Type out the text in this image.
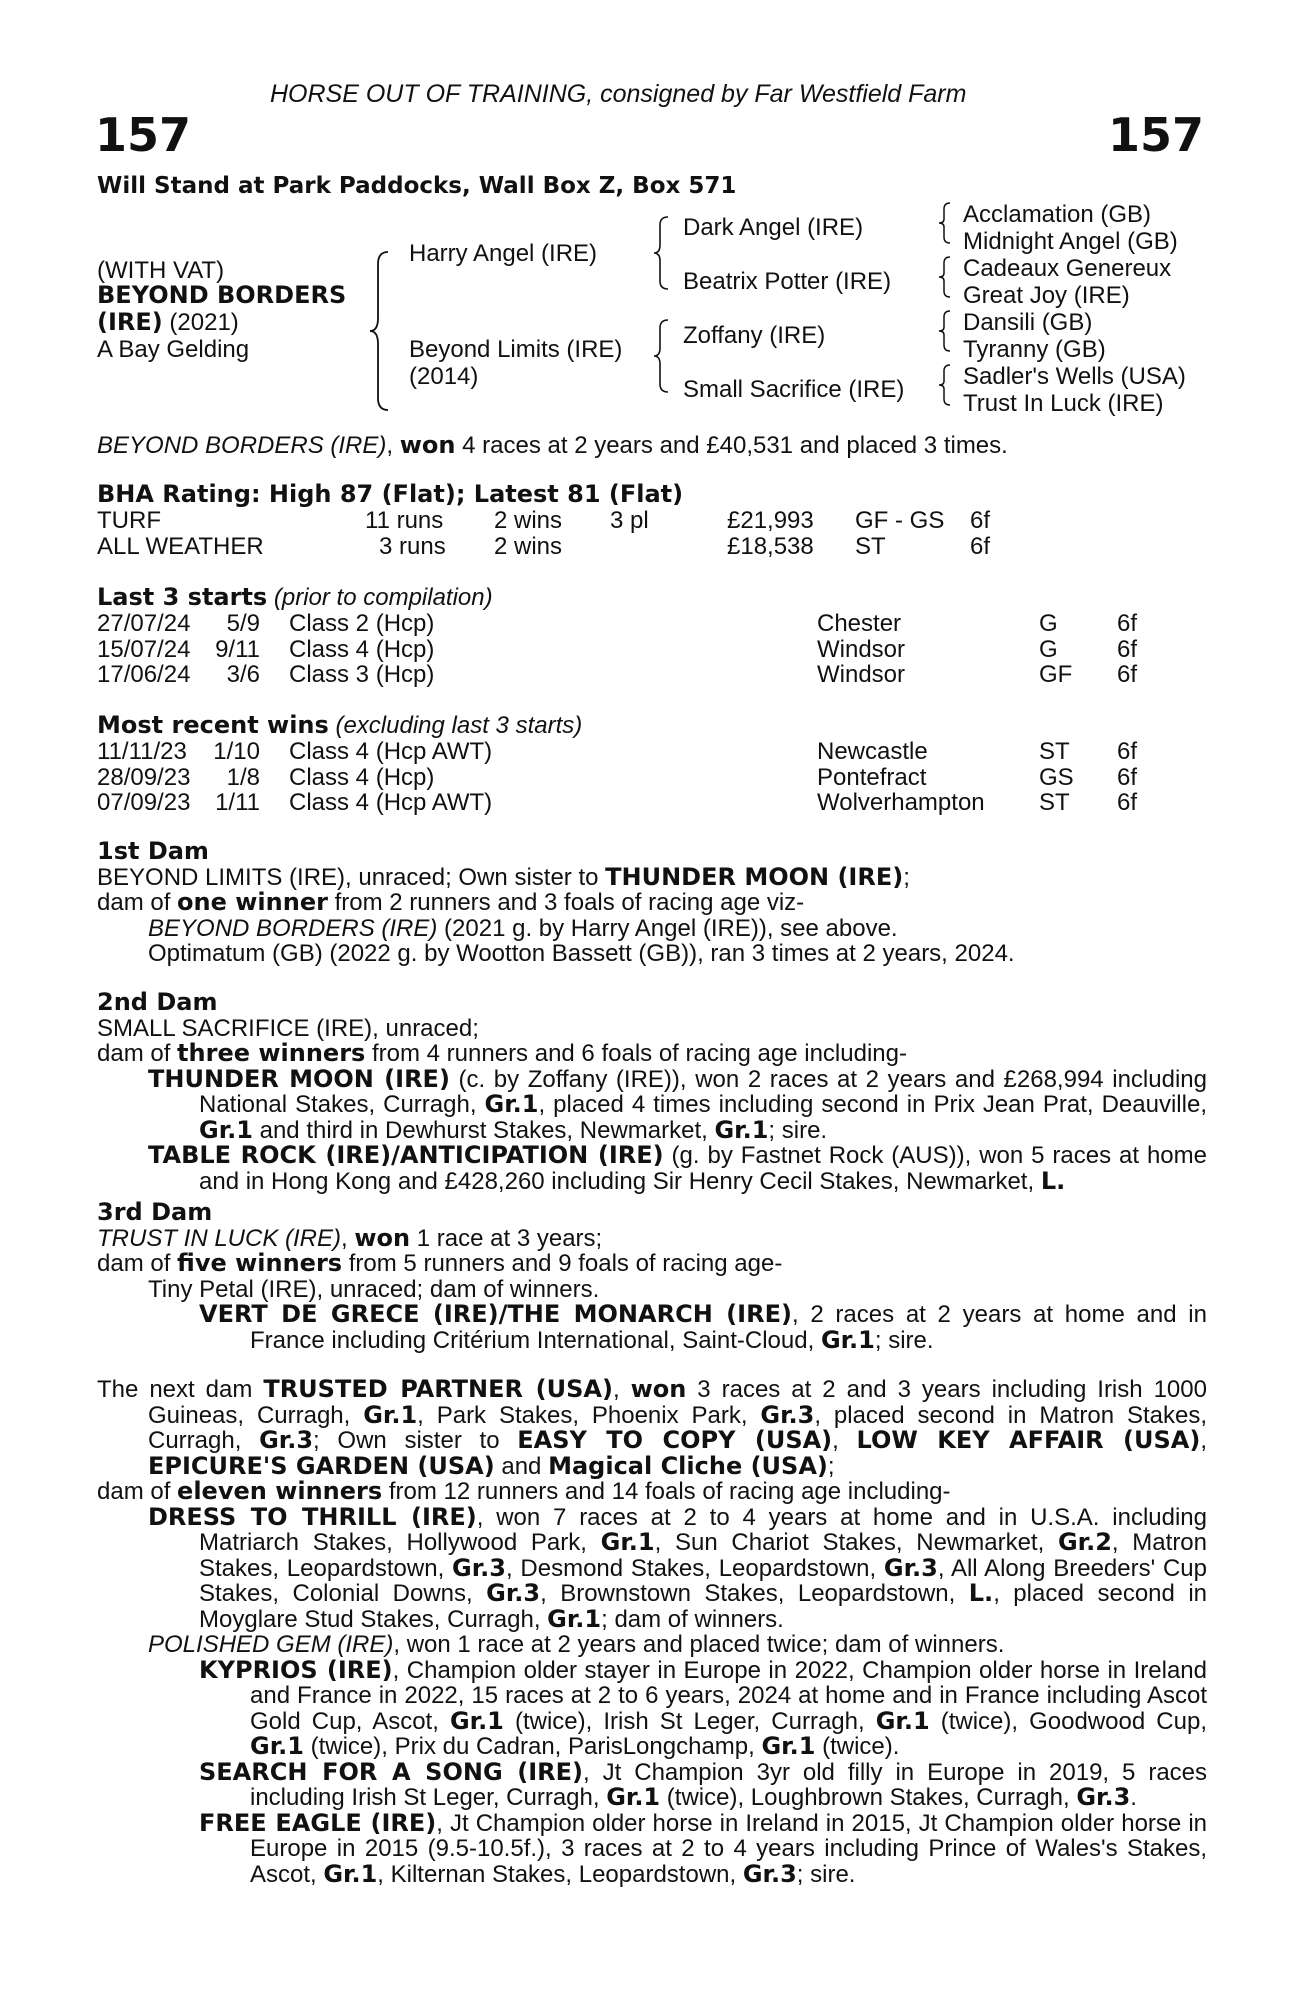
HORSE OUT OF TRAINING, consigned by Far Westfield Farm
157	157
Will Stand at Park Paddocks, Wall Box Z, Box 571
(WITH VAT)
BEYOND BORDERS
(IRE) (2021)
A Bay Gelding
Harry Angel (IRE)
Beyond Limits (IRE)
(2014)
Dark Angel (IRE)
Beatrix Potter (IRE)
Zoffany (IRE)
Small Sacrifice (IRE)
Acclamation (GB)
Midnight Angel (GB)
Cadeaux Genereux
Great Joy (IRE)
Dansili (GB)
Tyranny (GB)
Sadler's Wells (USA)
Trust In Luck (IRE)
BEYOND BORDERS (IRE), won 4 races at 2 years and £40,531 and placed 3 times.
BHA Rating: High 87 (Flat); Latest 81 (Flat)
TURF	11 runs 2 wins 3 pl	£21,993 GF - GS 6f
ALL WEATHER	3 runs 2 wins	£18,538 ST	6f
Last 3 starts (prior to compilation)
27/07/24	5/9 Class 2 (Hcp)	Chester	G 6f
15/07/24	9/11 Class 4 (Hcp)	Windsor	G 6f
17/06/24	3/6 Class 3 (Hcp)	Windsor	GF 6f
Most recent wins (excluding last 3 starts)
11/11/23	1/10 Class 4 (Hcp AWT)	Newcastle	ST 6f
28/09/23	1/8 Class 4 (Hcp)	Pontefract	GS 6f
07/09/23	1/11 Class 4 (Hcp AWT)	Wolverhampton ST 6f
1st Dam
BEYOND LIMITS (IRE), unraced; Own sister to THUNDER MOON (IRE);
dam of one winner from 2 runners and 3 foals of racing age viz-
BEYOND BORDERS (IRE) (2021 g. by Harry Angel (IRE)), see above.
Optimatum (GB) (2022 g. by Wootton Bassett (GB)), ran 3 times at 2 years, 2024.
2nd Dam
SMALL SACRIFICE (IRE), unraced;
dam of three winners from 4 runners and 6 foals of racing age including-
THUNDER MOON (IRE) (c. by Zoffany (IRE)), won 2 races at 2 years and £268,994 including National Stakes, Curragh, Gr.1, placed 4 times including second in Prix Jean Prat, Deauville, Gr.1 and third in Dewhurst Stakes, Newmarket, Gr.1; sire.
TABLE ROCK (IRE)/ANTICIPATION (IRE) (g. by Fastnet Rock (AUS)), won 5 races at home and in Hong Kong and £428,260 including Sir Henry Cecil Stakes, Newmarket, L.
3rd Dam
TRUST IN LUCK (IRE), won 1 race at 3 years;
dam of five winners from 5 runners and 9 foals of racing age-
Tiny Petal (IRE), unraced; dam of winners.
VERT DE GRECE (IRE)/THE MONARCH (IRE), 2 races at 2 years at home and in France including Critérium International, Saint-Cloud, Gr.1; sire.
The next dam TRUSTED PARTNER (USA), won 3 races at 2 and 3 years including Irish 1000 Guineas, Curragh, Gr.1, Park Stakes, Phoenix Park, Gr.3, placed second in Matron Stakes, Curragh, Gr.3; Own sister to EASY TO COPY (USA), LOW KEY AFFAIR (USA), EPICURE'S GARDEN (USA) and Magical Cliche (USA);
dam of eleven winners from 12 runners and 14 foals of racing age including-
DRESS TO THRILL (IRE), won 7 races at 2 to 4 years at home and in U.S.A. including Matriarch Stakes, Hollywood Park, Gr.1, Sun Chariot Stakes, Newmarket, Gr.2, Matron Stakes, Leopardstown, Gr.3, Desmond Stakes, Leopardstown, Gr.3, All Along Breeders' Cup Stakes, Colonial Downs, Gr.3, Brownstown Stakes, Leopardstown, L., placed second in Moyglare Stud Stakes, Curragh, Gr.1; dam of winners.
POLISHED GEM (IRE), won 1 race at 2 years and placed twice; dam of winners.
KYPRIOS (IRE), Champion older stayer in Europe in 2022, Champion older horse in Ireland and France in 2022, 15 races at 2 to 6 years, 2024 at home and in France including Ascot Gold Cup, Ascot, Gr.1 (twice), Irish St Leger, Curragh, Gr.1 (twice), Goodwood Cup, Gr.1 (twice), Prix du Cadran, ParisLongchamp, Gr.1 (twice).
SEARCH FOR A SONG (IRE), Jt Champion 3yr old filly in Europe in 2019, 5 races including Irish St Leger, Curragh, Gr.1 (twice), Loughbrown Stakes, Curragh, Gr.3.
FREE EAGLE (IRE), Jt Champion older horse in Ireland in 2015, Jt Champion older horse in Europe in 2015 (9.5-10.5f.), 3 races at 2 to 4 years including Prince of Wales's Stakes, Ascot, Gr.1, Kilternan Stakes, Leopardstown, Gr.3; sire.
